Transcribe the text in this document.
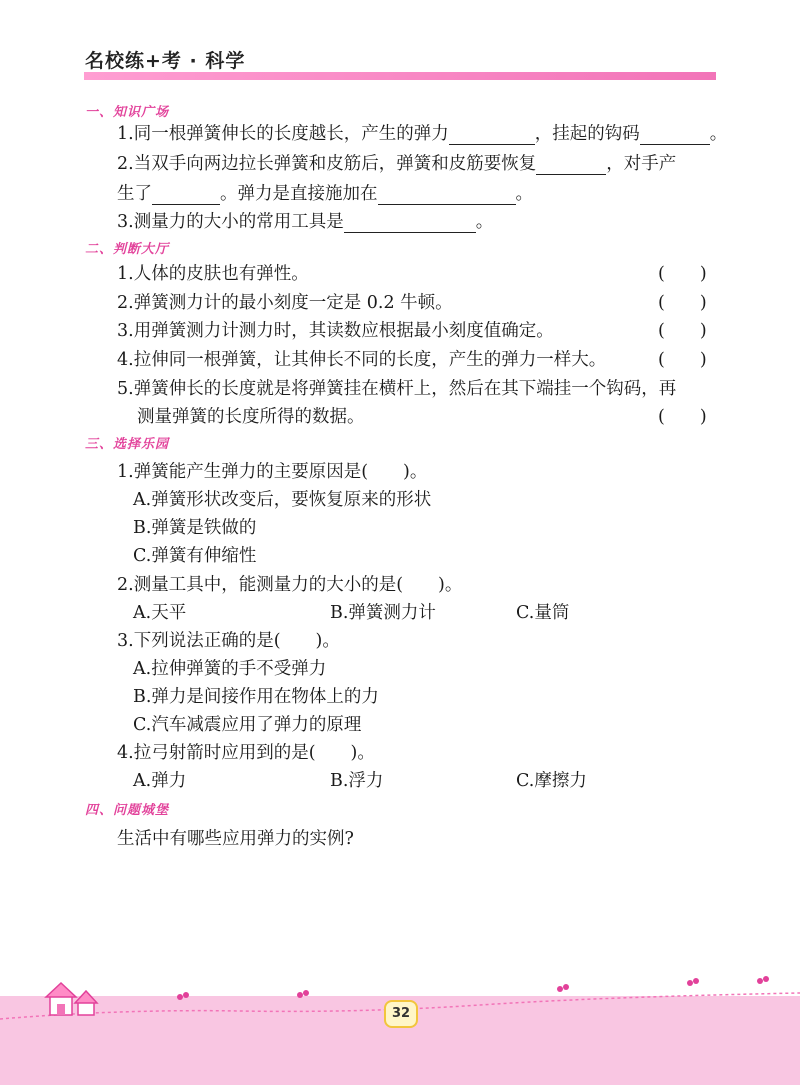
名校练+考 · 科学
一、知识广场
1.同一根弹簧伸长的长度越长，产生的弹力	，挂起的钩码	。
2.当双手向两边拉长弹簧和皮筋后，弹簧和皮筋要恢复	，对手产
生了	。弹力是直接施加在	。
3.测量力的大小的常用工具是	。
二、判断大厅
1.人体的皮肤也有弹性。	(　　)
2.弹簧测力计的最小刻度一定是 0.2 牛顿。	(　　)
3.用弹簧测力计测力时，其读数应根据最小刻度值确定。	(　　)
4.拉伸同一根弹簧，让其伸长不同的长度，产生的弹力一样大。	(　　)
5.弹簧伸长的长度就是将弹簧挂在横杆上，然后在其下端挂一个钩码，再
测量弹簧的长度所得的数据。	(　　)
三、选择乐园
1.弹簧能产生弹力的主要原因是(　　)。
A.弹簧形状改变后，要恢复原来的形状
B.弹簧是铁做的
C.弹簧有伸缩性
2.测量工具中，能测量力的大小的是(　　)。
A.天平	B.弹簧测力计	C.量筒
3.下列说法正确的是(　　)。
A.拉伸弹簧的手不受弹力
B.弹力是间接作用在物体上的力
C.汽车减震应用了弹力的原理
4.拉弓射箭时应用到的是(　　)。
A.弹力	B.浮力	C.摩擦力
四、问题城堡
生活中有哪些应用弹力的实例?
32
